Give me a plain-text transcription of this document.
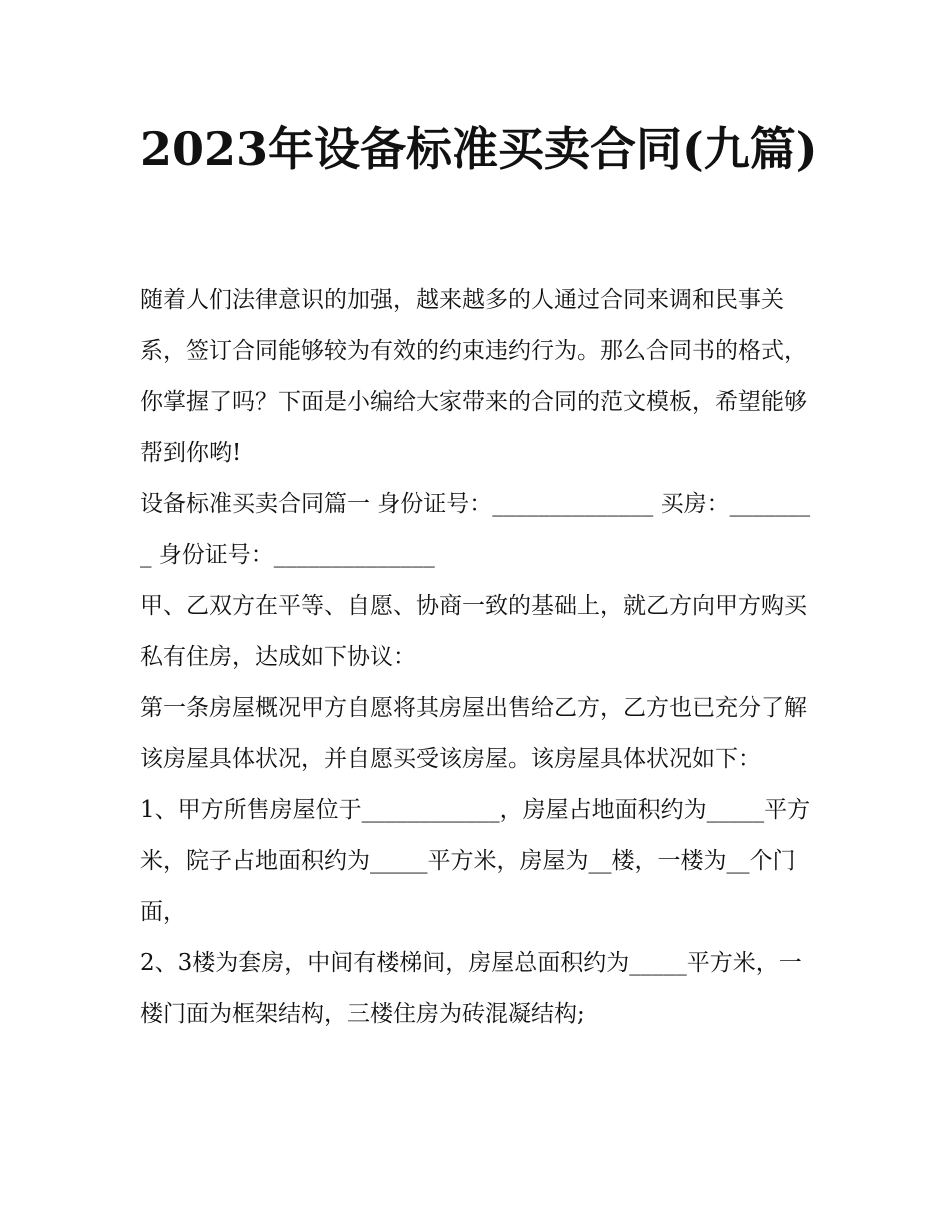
2023年设备标准买卖合同(九篇)

随着人们法律意识的加强，越来越多的人通过合同来调和民事关系，签订合同能够较为有效的约束违约行为。那么合同书的格式，你掌握了吗？下面是小编给大家带来的合同的范文模板，希望能够帮到你哟!

设备标准买卖合同篇一 身份证号：______________ 买房：________ 身份证号：______________

甲、乙双方在平等、自愿、协商一致的基础上，就乙方向甲方购买私有住房，达成如下协议：

第一条房屋概况甲方自愿将其房屋出售给乙方，乙方也已充分了解该房屋具体状况，并自愿买受该房屋。该房屋具体状况如下：

1、甲方所售房屋位于____________，房屋占地面积约为_____平方米，院子占地面积约为_____平方米，房屋为__楼，一楼为__个门面，

2、3楼为套房，中间有楼梯间，房屋总面积约为_____平方米，一楼门面为框架结构，三楼住房为砖混凝结构;
